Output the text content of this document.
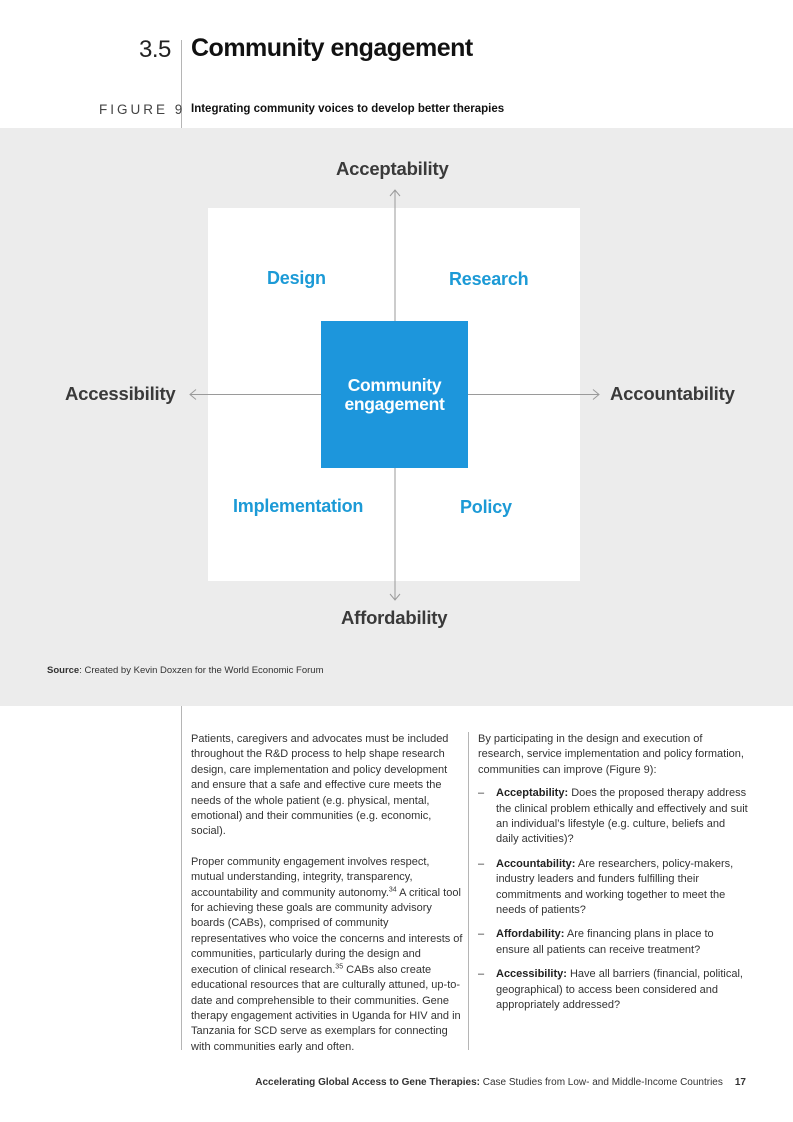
3.5 Community engagement
FIGURE 9 Integrating community voices to develop better therapies
Community
engagement
Acceptability
Affordability
Accessibility	Accountability
Design	Research
Implementation	Policy
Source: Created by Kevin Doxzen for the World Economic Forum

Patients, caregivers and advocates must be included throughout the R&D process to help shape research design, care implementation and policy development and ensure that a safe and effective cure meets the needs of the whole patient (e.g. physical, mental, emotional) and their communities (e.g. economic, social).

Proper community engagement involves respect, mutual understanding, integrity, transparency, accountability and community autonomy.$^{34}$ A critical tool for achieving these goals are community advisory boards (CABs), comprised of community representatives who voice the concerns and interests of communities, particularly during the design and execution of clinical research.$^{35}$ CABs also create educational resources that are culturally attuned, up-to-date and comprehensible to their communities. Gene therapy engagement activities in Uganda for HIV and in Tanzania for SCD serve as exemplars for connecting with communities early and often.

By participating in the design and execution of research, service implementation and policy formation, communities can improve (Figure 9):

– Acceptability: Does the proposed therapy address the clinical problem ethically and effectively and suit an individual’s lifestyle (e.g. culture, beliefs and daily activities)?
– Accountability: Are researchers, policy-makers, industry leaders and funders fulfilling their commitments and working together to meet the needs of patients?
– Affordability: Are financing plans in place to ensure all patients can receive treatment?
– Accessibility: Have all barriers (financial, political, geographical) to access been considered and appropriately addressed?
Accelerating Global Access to Gene Therapies: Case Studies from Low- and Middle-Income Countries 17
